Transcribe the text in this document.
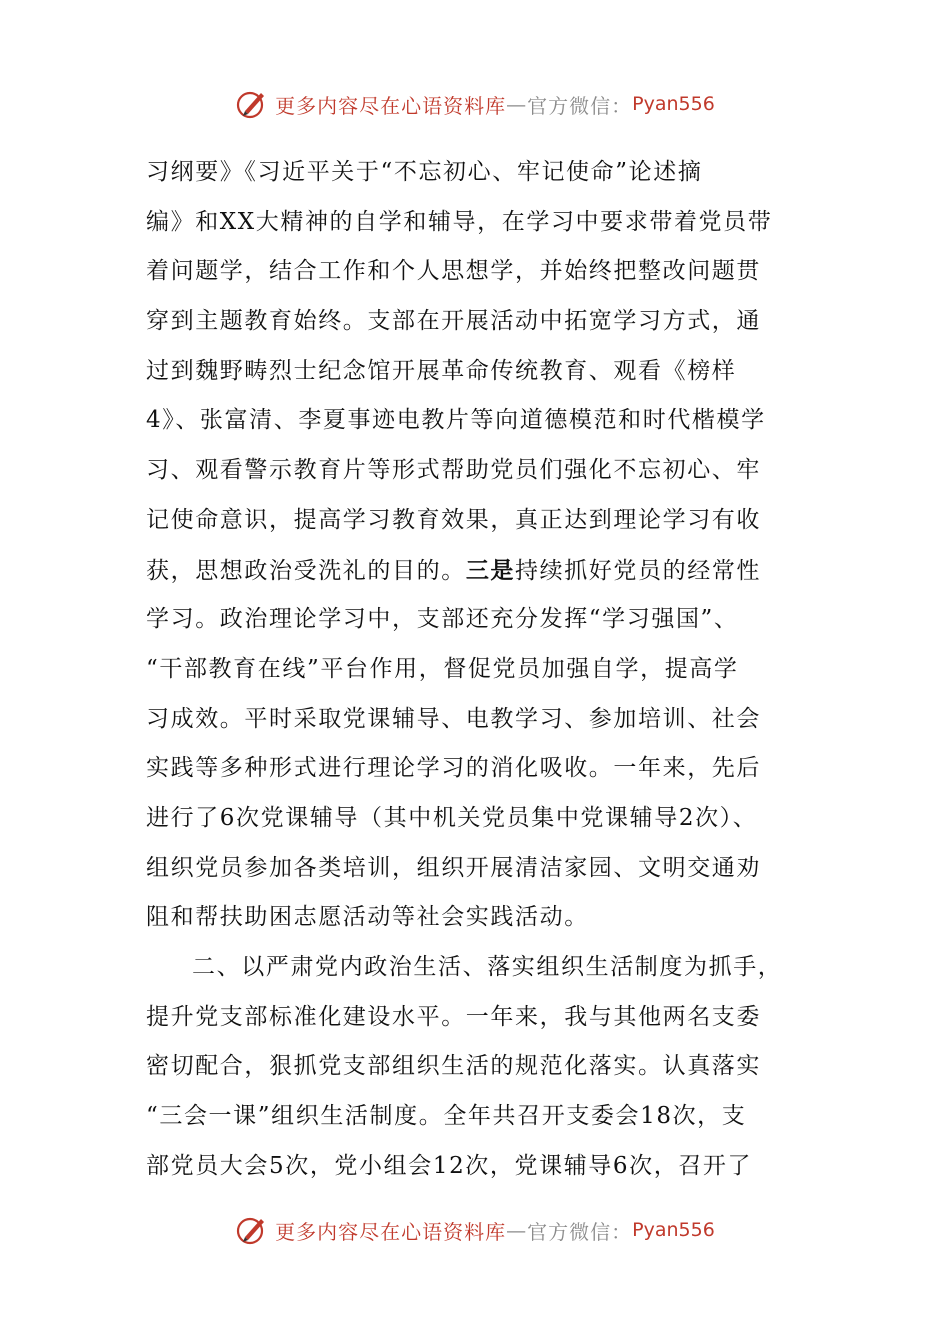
更多内容尽在心语资料库 — 官方微信： Pyan556
习纲要》《习近平关于“不忘初心、牢记使命”论述摘
编》和XX大精神的自学和辅导，在学习中要求带着党员带
着问题学，结合工作和个人思想学，并始终把整改问题贯
穿到主题教育始终。支部在开展活动中拓宽学习方式，通
过到魏野畴烈士纪念馆开展革命传统教育、观看《榜样
4》、张富清、李夏事迹电教片等向道德模范和时代楷模学
习、观看警示教育片等形式帮助党员们强化不忘初心、牢
记使命意识，提高学习教育效果，真正达到理论学习有收
获，思想政治受洗礼的目的。三是持续抓好党员的经常性
学习。政治理论学习中，支部还充分发挥“学习强国”、
“干部教育在线”平台作用，督促党员加强自学，提高学
习成效。平时采取党课辅导、电教学习、参加培训、社会
实践等多种形式进行理论学习的消化吸收。一年来，先后
进行了6次党课辅导（其中机关党员集中党课辅导2次）、
组织党员参加各类培训，组织开展清洁家园、文明交通劝
阻和帮扶助困志愿活动等社会实践活动。
二、以严肃党内政治生活、落实组织生活制度为抓手，
提升党支部标准化建设水平。一年来，我与其他两名支委
密切配合，狠抓党支部组织生活的规范化落实。认真落实
“三会一课”组织生活制度。全年共召开支委会18次，支
部党员大会5次，党小组会12次，党课辅导6次，召开了
更多内容尽在心语资料库 — 官方微信： Pyan556
